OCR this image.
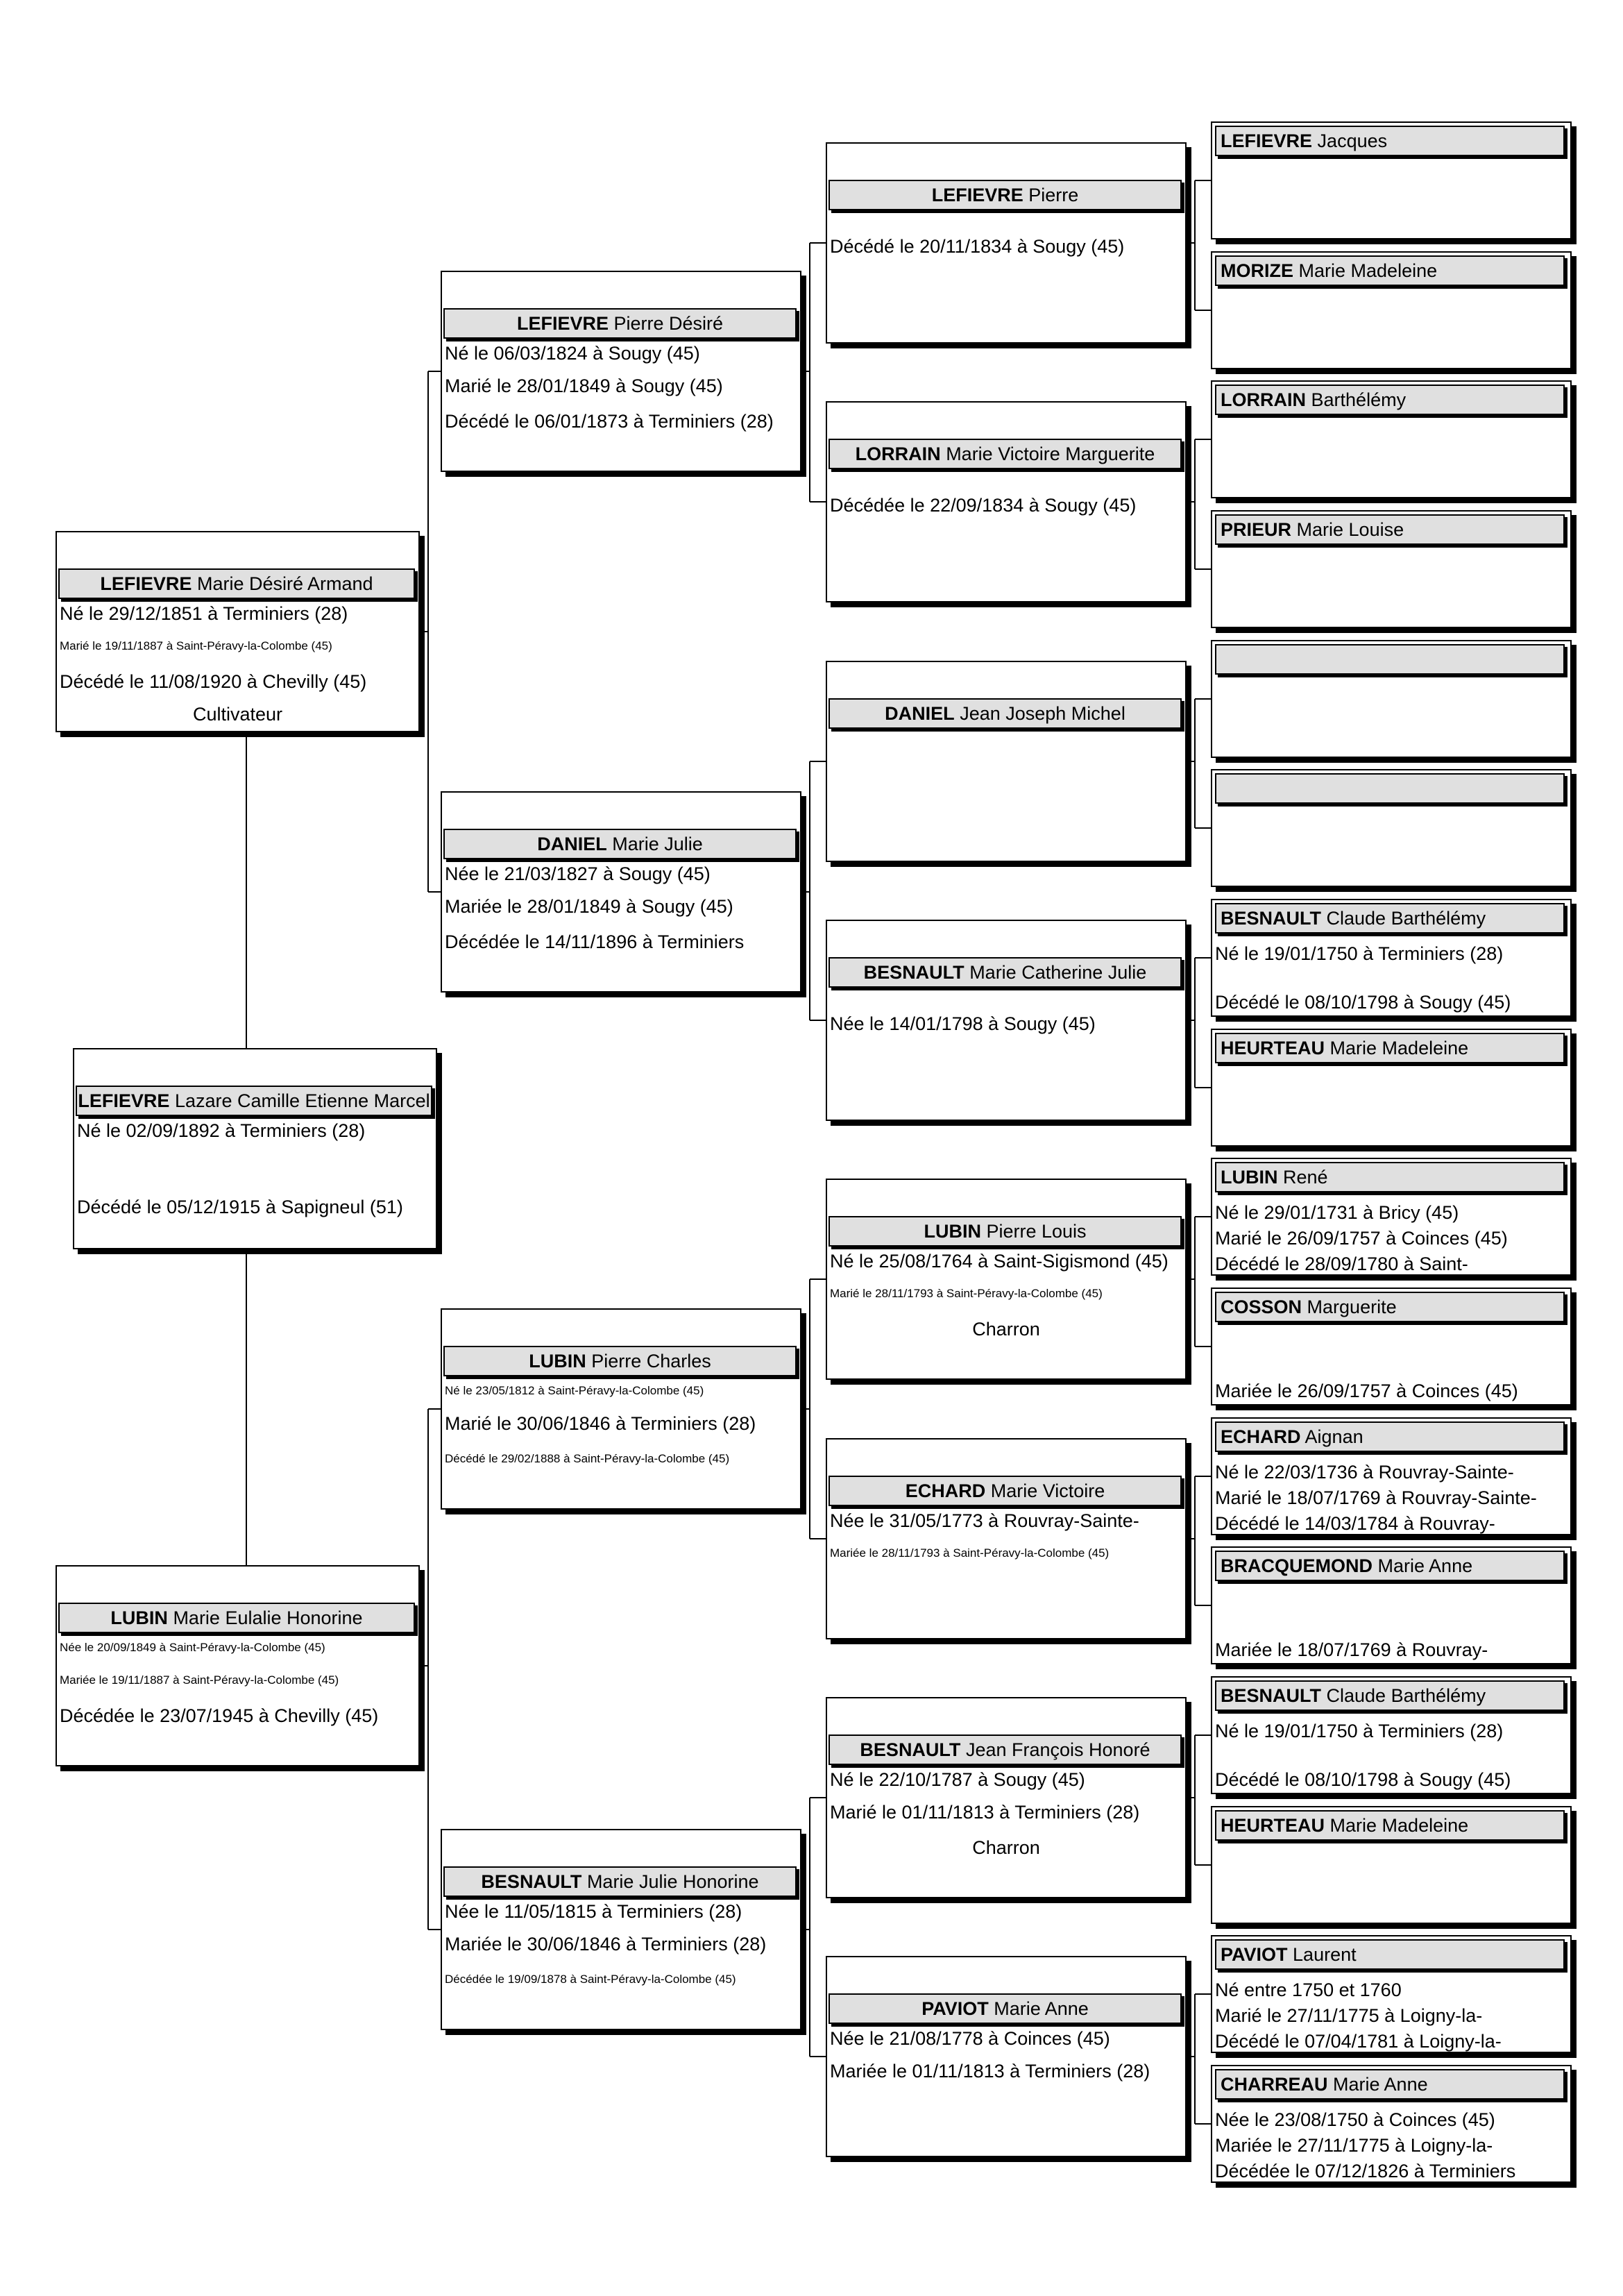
LEFIEVRE Lazare Camille Etienne Marcel
Né le 02/09/1892 à Terminiers (28)
Décédé le 05/12/1915 à Sapigneul (51)
LEFIEVRE Marie Désiré Armand
Né le 29/12/1851 à Terminiers (28)
Marié le 19/11/1887 à Saint-Péravy-la-Colombe (45)
Décédé le 11/08/1920 à Chevilly (45)
Cultivateur
LUBIN Marie Eulalie Honorine
Née le 20/09/1849 à Saint-Péravy-la-Colombe (45)
Mariée le 19/11/1887 à Saint-Péravy-la-Colombe (45)
Décédée le 23/07/1945 à Chevilly (45)
LEFIEVRE Pierre Désiré
Né le 06/03/1824 à Sougy (45)
Marié le 28/01/1849 à Sougy (45)
Décédé le 06/01/1873 à Terminiers (28)
DANIEL Marie Julie
Née le 21/03/1827 à Sougy (45)
Mariée le 28/01/1849 à Sougy (45)
Décédée le 14/11/1896 à Terminiers
LUBIN Pierre Charles
Né le 23/05/1812 à Saint-Péravy-la-Colombe (45)
Marié le 30/06/1846 à Terminiers (28)
Décédé le 29/02/1888 à Saint-Péravy-la-Colombe (45)
BESNAULT Marie Julie Honorine
Née le 11/05/1815 à Terminiers (28)
Mariée le 30/06/1846 à Terminiers (28)
Décédée le 19/09/1878 à Saint-Péravy-la-Colombe (45)
LEFIEVRE Pierre
Décédé le 20/11/1834 à Sougy (45)
LORRAIN Marie Victoire Marguerite
Décédée le 22/09/1834 à Sougy (45)
DANIEL Jean Joseph Michel
BESNAULT Marie Catherine Julie
Née le 14/01/1798 à Sougy (45)
LUBIN Pierre Louis
Né le 25/08/1764 à Saint-Sigismond (45)
Marié le 28/11/1793 à Saint-Péravy-la-Colombe (45)
Charron
ECHARD Marie Victoire
Née le 31/05/1773 à Rouvray-Sainte-
Mariée le 28/11/1793 à Saint-Péravy-la-Colombe (45)
BESNAULT Jean François Honoré
Né le 22/10/1787 à Sougy (45)
Marié le 01/11/1813 à Terminiers (28)
Charron
PAVIOT Marie Anne
Née le 21/08/1778 à Coinces (45)
Mariée le 01/11/1813 à Terminiers (28)
LEFIEVRE Jacques
MORIZE Marie Madeleine
LORRAIN Barthélémy
PRIEUR Marie Louise
BESNAULT Claude Barthélémy
Né le 19/01/1750 à Terminiers (28)
Décédé le 08/10/1798 à Sougy (45)
HEURTEAU Marie Madeleine
LUBIN René
Né le 29/01/1731 à Bricy (45)
Marié le 26/09/1757 à Coinces (45)
Décédé le 28/09/1780 à Saint-
COSSON Marguerite
Mariée le 26/09/1757 à Coinces (45)
ECHARD Aignan
Né le 22/03/1736 à Rouvray-Sainte-
Marié le 18/07/1769 à Rouvray-Sainte-
Décédé le 14/03/1784 à Rouvray-
BRACQUEMOND Marie Anne
Mariée le 18/07/1769 à Rouvray-
BESNAULT Claude Barthélémy
Né le 19/01/1750 à Terminiers (28)
Décédé le 08/10/1798 à Sougy (45)
HEURTEAU Marie Madeleine
PAVIOT Laurent
Né entre 1750 et 1760
Marié le 27/11/1775 à Loigny-la-
Décédé le 07/04/1781 à Loigny-la-
CHARREAU Marie Anne
Née le 23/08/1750 à Coinces (45)
Mariée le 27/11/1775 à Loigny-la-
Décédée le 07/12/1826 à Terminiers
